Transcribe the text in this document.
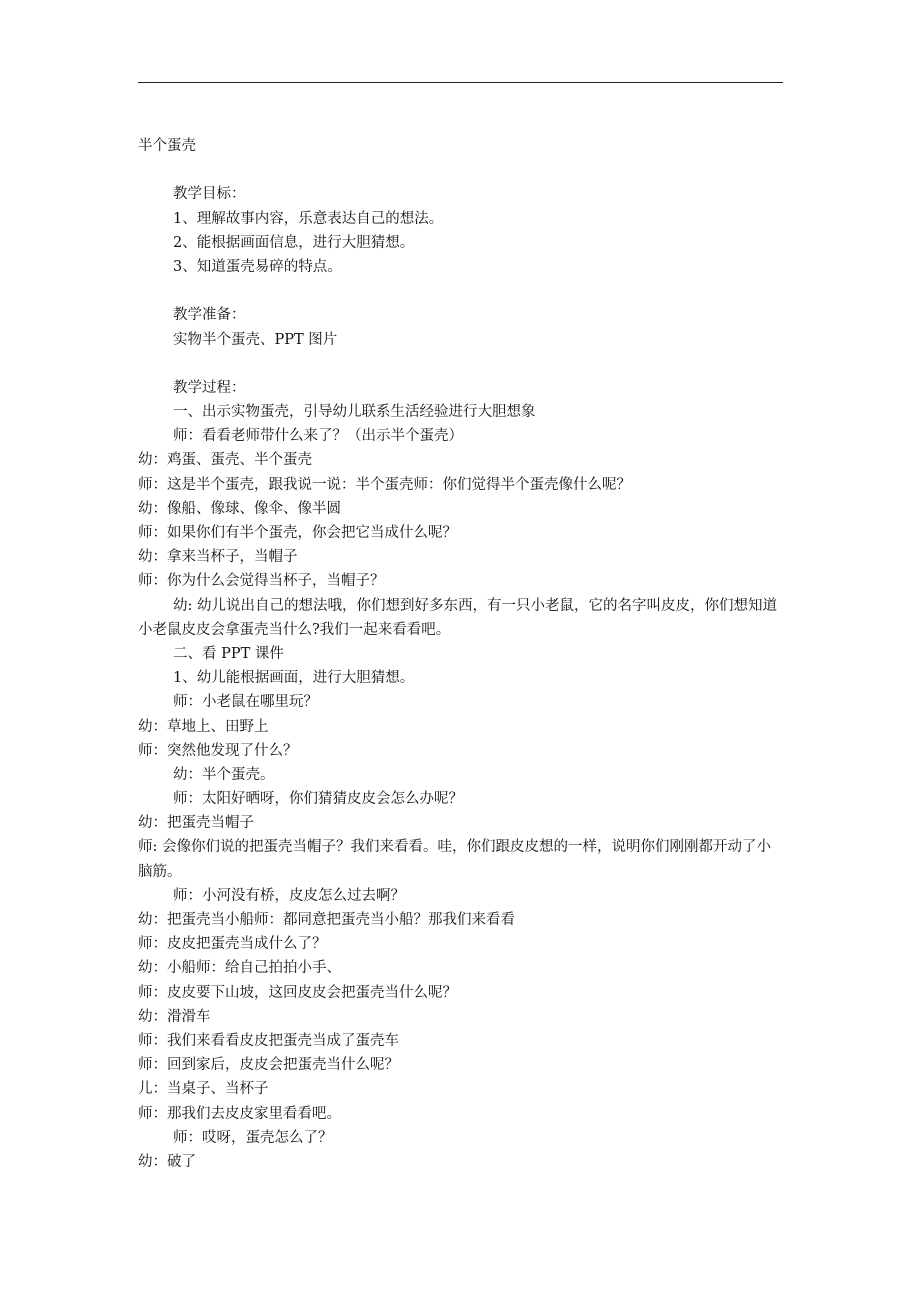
半个蛋壳
教学目标：
1、理解故事内容，乐意表达自己的想法。
2、能根据画面信息，进行大胆猜想。
3、知道蛋壳易碎的特点。
教学准备：
实物半个蛋壳、PPT 图片
教学过程：
一、出示实物蛋壳，引导幼儿联系生活经验进行大胆想象
师：看看老师带什么来了？（出示半个蛋壳）
幼：鸡蛋、蛋壳、半个蛋壳
师：这是半个蛋壳，跟我说一说：半个蛋壳师：你们觉得半个蛋壳像什么呢？
幼：像船、像球、像伞、像半圆
师：如果你们有半个蛋壳，你会把它当成什么呢？
幼：拿来当杯子，当帽子
师：你为什么会觉得当杯子，当帽子？
幼: 幼儿说出自己的想法哦，你们想到好多东西，有一只小老鼠，它的名字叫皮皮，你们想知道小老鼠皮皮会拿蛋壳当什么?我们一起来看看吧。
二、看 PPT 课件
1、幼儿能根据画面，进行大胆猜想。
师：小老鼠在哪里玩？
幼：草地上、田野上
师：突然他发现了什么？
幼：半个蛋壳。
师：太阳好晒呀，你们猜猜皮皮会怎么办呢？
幼：把蛋壳当帽子
师: 会像你们说的把蛋壳当帽子？我们来看看。哇，你们跟皮皮想的一样，说明你们刚刚都开动了小脑筋。
师：小河没有桥，皮皮怎么过去啊？
幼：把蛋壳当小船师：都同意把蛋壳当小船？那我们来看看
师：皮皮把蛋壳当成什么了？
幼：小船师：给自己拍拍小手、
师：皮皮要下山坡，这回皮皮会把蛋壳当什么呢？
幼：滑滑车
师：我们来看看皮皮把蛋壳当成了蛋壳车
师：回到家后，皮皮会把蛋壳当什么呢？
儿：当桌子、当杯子
师：那我们去皮皮家里看看吧。
师：哎呀，蛋壳怎么了？
幼：破了
